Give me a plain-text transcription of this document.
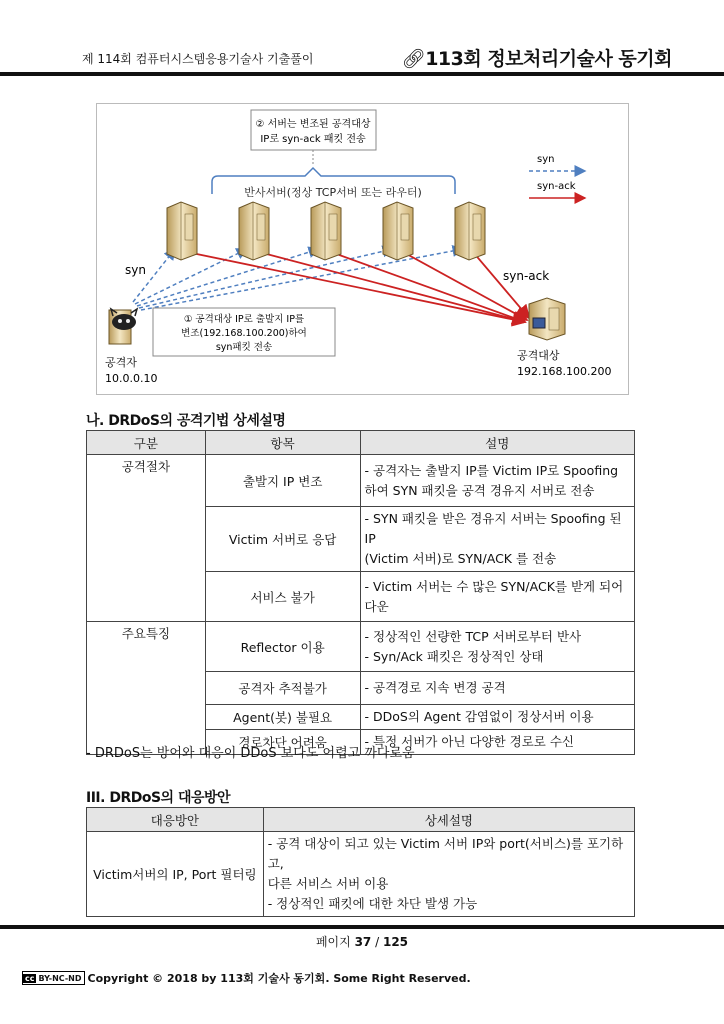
제 114회 컴퓨터시스템응용기술사 기출풀이	🔗︎113회 정보처리기술사 동기회
② 서버는 변조된 공격대상
IP로 syn-ack 패킷 전송
반사서버(정상 TCP서버 또는 라우터)
syn
syn-ack
syn	syn-ack
① 공격대상 IP로 출발지 IP를
변조(192.168.100.200)하여
syn패킷 전송
공격자
10.0.0.10
공격대상
192.168.100.200
나. DRDoS의 공격기법 상세설명
구분	항목	설명
공격절차	출발지 IP 변조	- 공격자는 출발지 IP를 Victim IP로 Spoofing
하여 SYN 패킷을 공격 경유지 서버로 전송

	Victim 서버로 응답	- SYN 패킷을 받은 경유지 서버는 Spoofing 된 IP
(Victim 서버)로 SYN/ACK 를 전송

	서비스 불가	- Victim 서버는 수 많은 SYN/ACK를 받게 되어
다운

주요특징	Reflector 이용	- 정상적인 선량한 TCP 서버로부터 반사
- Syn/Ack 패킷은 정상적인 상태

	공격자 추적불가	- 공격경로 지속 변경 공격
	Agent(봇) 불필요	- DDoS의 Agent 감염없이 정상서버 이용
	경로차단 어려움	- 특정 서버가 아닌 다양한 경로로 수신
- DRDoS는 방어와 대응이 DDoS 보다도 어렵고 까다로움
III. DRDoS의 대응방안
대응방안	상세설명
Victim서버의 IP, Port 필터링	- 공격 대상이 되고 있는 Victim 서버 IP와 port(서비스)를 포기하고,
다른 서비스 서버 이용
- 정상적인 패킷에 대한 차단 발생 가능
페이지 37 / 125
cc BY-NC-ND Copyright © 2018 by 113회 기술사 동기회. Some Right Reserved.
